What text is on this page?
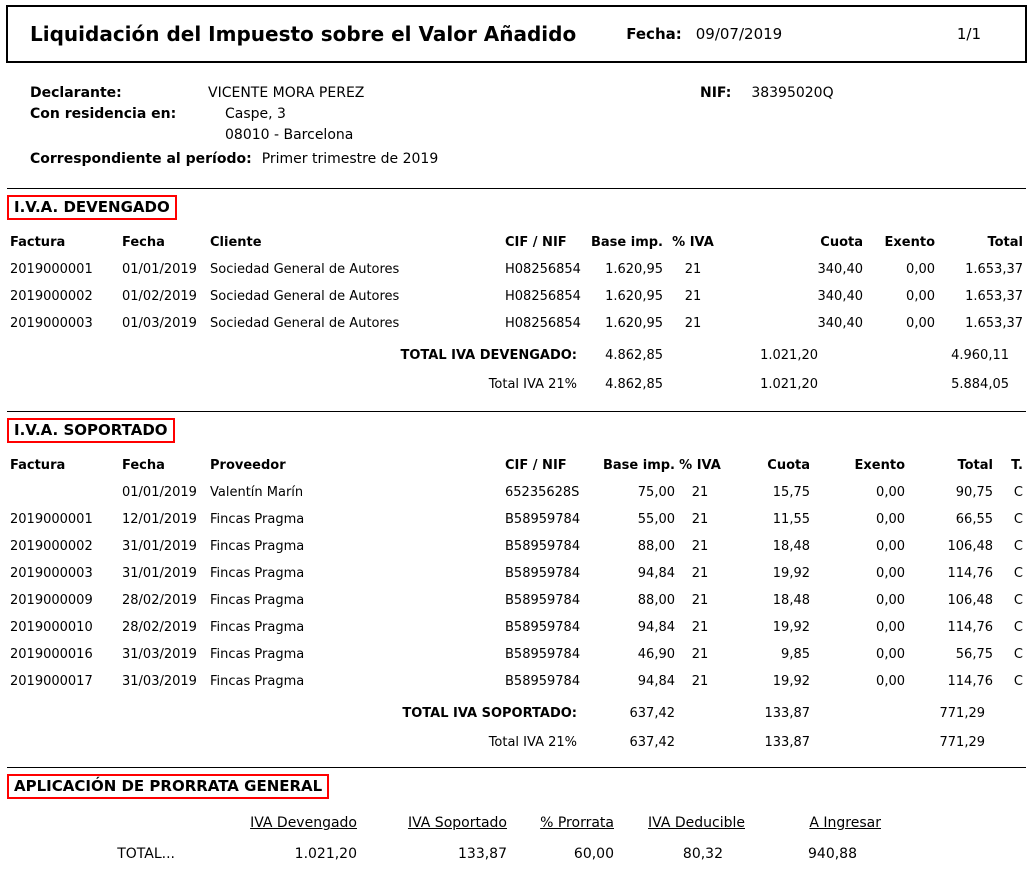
Liquidación del Impuesto sobre el Valor Añadido	Fecha: 09/07/2019	1/1
Declarante:	VICENTE MORA PEREZ	NIF: 38395020Q
Con residencia en:	Caspe, 3
08010 - Barcelona
Correspondiente al período: Primer trimestre de 2019
I.V.A. DEVENGADO
Factura	Fecha	Cliente	CIF / NIF	Base imp.	% IVA	Cuota	Exento	Total
2019000001	01/01/2019	Sociedad General de Autores	H08256854	1.620,95	21	340,40	0,00	1.653,37
2019000002	01/02/2019	Sociedad General de Autores	H08256854	1.620,95	21	340,40	0,00	1.653,37
2019000003	01/03/2019	Sociedad General de Autores	H08256854	1.620,95	21	340,40	0,00	1.653,37
TOTAL IVA DEVENGADO:				4.862,85		1.021,20		4.960,11
Total IVA 21%				4.862,85		1.021,20		5.884,05
I.V.A. SOPORTADO
Factura	Fecha	Proveedor	CIF / NIF	Base imp.	% IVA	Cuota	Exento	Total	T.
	01/01/2019	Valentín Marín	65235628S	75,00	21	15,75	0,00	90,75	C
2019000001	12/01/2019	Fincas Pragma	B58959784	55,00	21	11,55	0,00	66,55	C
2019000002	31/01/2019	Fincas Pragma	B58959784	88,00	21	18,48	0,00	106,48	C
2019000003	31/01/2019	Fincas Pragma	B58959784	94,84	21	19,92	0,00	114,76	C
2019000009	28/02/2019	Fincas Pragma	B58959784	88,00	21	18,48	0,00	106,48	C
2019000010	28/02/2019	Fincas Pragma	B58959784	94,84	21	19,92	0,00	114,76	C
2019000016	31/03/2019	Fincas Pragma	B58959784	46,90	21	9,85	0,00	56,75	C
2019000017	31/03/2019	Fincas Pragma	B58959784	94,84	21	19,92	0,00	114,76	C
TOTAL IVA SOPORTADO:				637,42		133,87		771,29	
Total IVA 21%				637,42		133,87		771,29	
APLICACIÓN DE PRORRATA GENERAL
	IVA Devengado	IVA Soportado	% Prorrata	IVA Deducible	A Ingresar	
TOTAL...	1.021,20	133,87	60,00	80,32	940,88	
